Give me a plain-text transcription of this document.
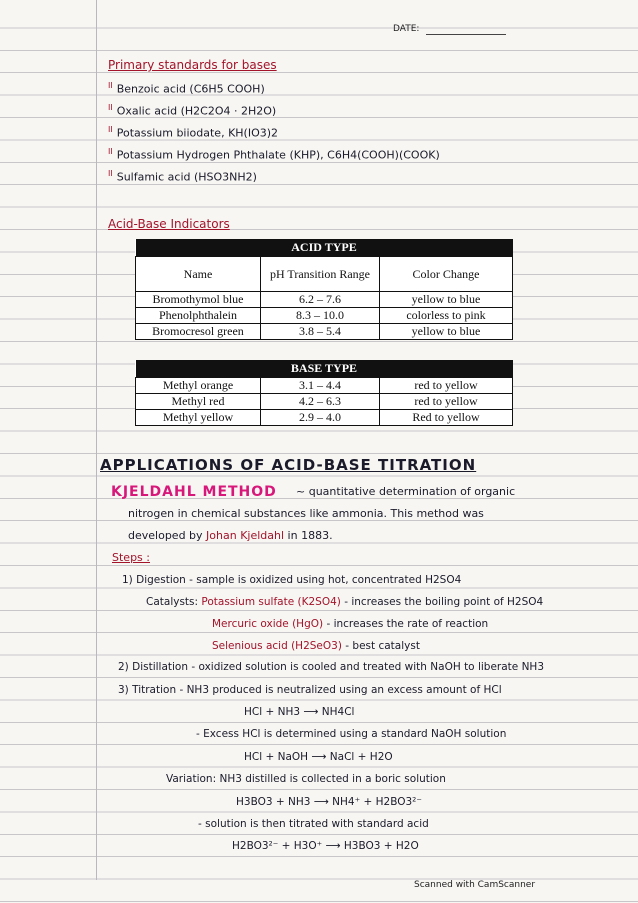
DATE:
Primary standards for bases
$^{II}$ Benzoic acid (C6H5 COOH)
$^{II}$ Oxalic acid (H2C2O4 · 2H2O)
$^{II}$ Potassium biiodate, KH(IO3)2
$^{II}$ Potassium Hydrogen Phthalate (KHP), C6H4(COOH)(COOK)
$^{II}$ Sulfamic acid (HSO3NH2)
Acid-Base Indicators
ACID TYPE		
Name	pH Transition Range	Color Change
Bromothymol blue	6.2 – 7.6	yellow to blue
Phenolphthalein	8.3 – 10.0	colorless to pink
Bromocresol green	3.8 – 5.4	yellow to blue
BASE TYPE		
Methyl orange	3.1 – 4.4	red to yellow
Methyl red	4.2 – 6.3	red to yellow
Methyl yellow	2.9 – 4.0	Red to yellow
APPLICATIONS OF ACID-BASE TITRATION
KJELDAHL METHOD ~ quantitative determination of organic
nitrogen in chemical substances like ammonia. This method was
developed by Johan Kjeldahl in 1883.
Steps :
1) Digestion - sample is oxidized using hot, concentrated H2SO4
Catalysts: Potassium sulfate (K2SO4) - increases the boiling point of H2SO4
Mercuric oxide (HgO) - increases the rate of reaction
Selenious acid (H2SeO3) - best catalyst
2) Distillation - oxidized solution is cooled and treated with NaOH to liberate NH3
3) Titration - NH3 produced is neutralized using an excess amount of HCl
HCl + NH3 ⟶ NH4Cl
- Excess HCl is determined using a standard NaOH solution
HCl + NaOH ⟶ NaCl + H2O
Variation: NH3 distilled is collected in a boric solution
H3BO3 + NH3 ⟶ NH4⁺ + H2BO3²⁻
- solution is then titrated with standard acid
H2BO3²⁻ + H3O⁺ ⟶ H3BO3 + H2O
Scanned with CamScanner
